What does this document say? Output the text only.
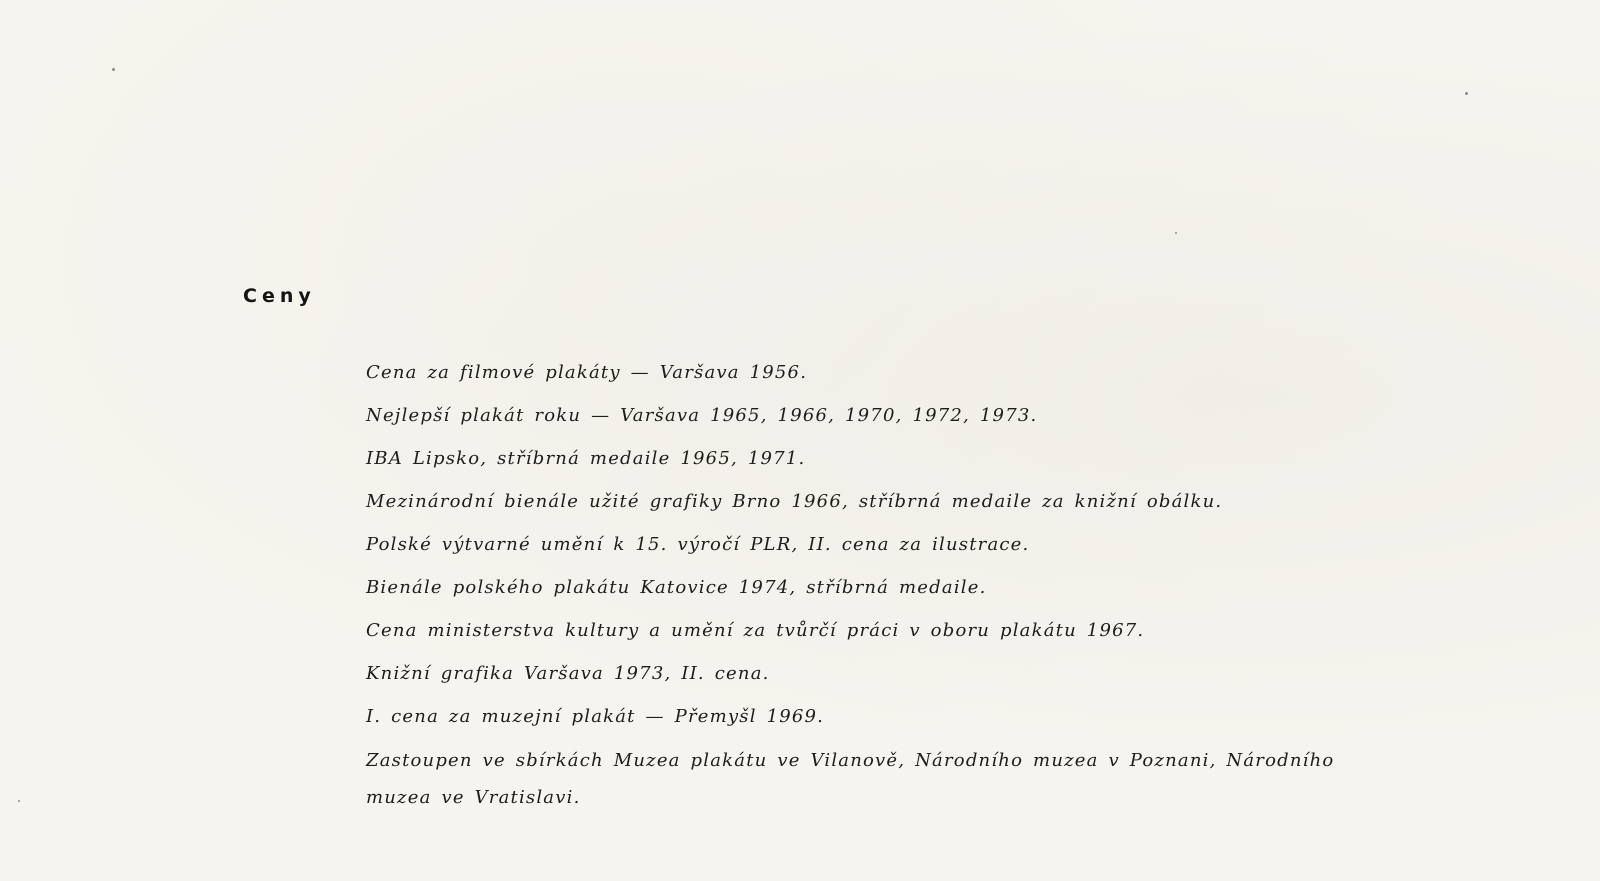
Ceny
Cena za filmové plakáty — Varšava 1956.
Nejlepší plakát roku — Varšava 1965, 1966, 1970, 1972, 1973.
IBA Lipsko, stříbrná medaile 1965, 1971.
Mezinárodní bienále užité grafiky Brno 1966, stříbrná medaile za knižní obálku.
Polské výtvarné umění k 15. výročí PLR, II. cena za ilustrace.
Bienále polského plakátu Katovice 1974, stříbrná medaile.
Cena ministerstva kultury a umění za tvůrčí práci v oboru plakátu 1967.
Knižní grafika Varšava 1973, II. cena.
I. cena za muzejní plakát — Přemyšl 1969.
Zastoupen ve sbírkách Muzea plakátu ve Vilanově, Národního muzea v Poznani, Národního muzea ve Vratislavi.
